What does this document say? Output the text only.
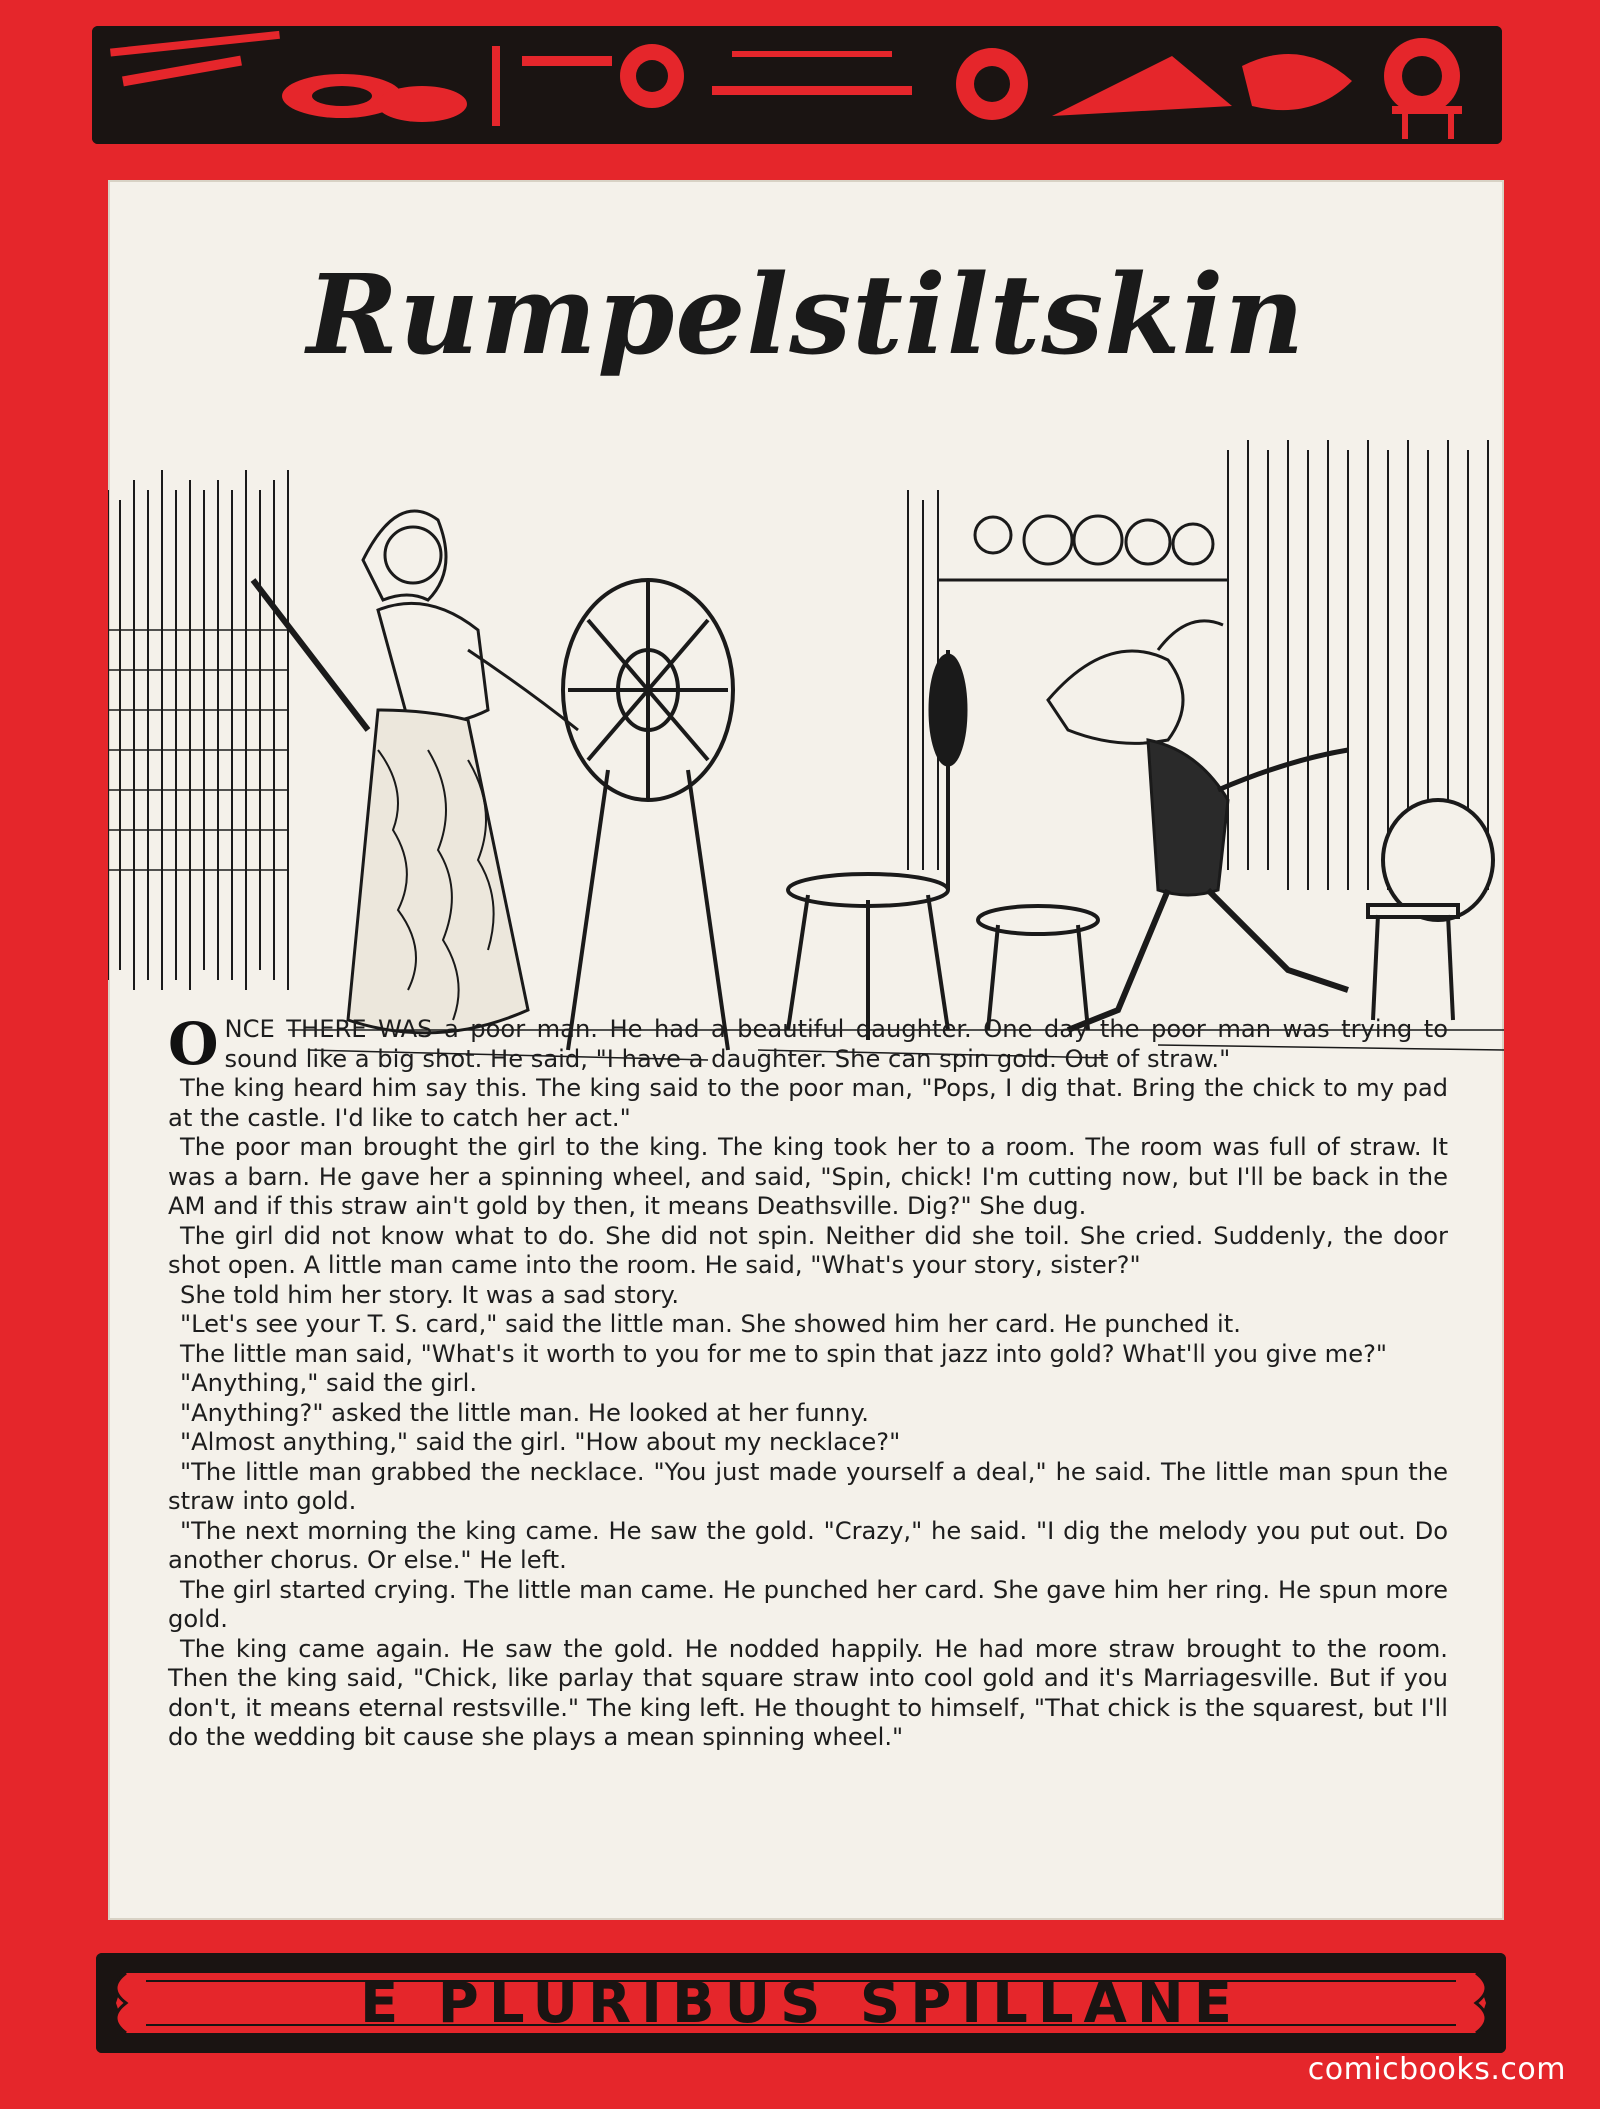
Rumpelstiltskin

ONCE THERE WAS a poor man. He had a beautiful daughter. One day the poor man was trying to sound like a big shot. He said, "I have a daughter. She can spin gold. Out of straw."

The king heard him say this. The king said to the poor man, "Pops, I dig that. Bring the chick to my pad at the castle. I'd like to catch her act."

The poor man brought the girl to the king. The king took her to a room. The room was full of straw. It was a barn. He gave her a spinning wheel, and said, "Spin, chick! I'm cutting now, but I'll be back in the AM and if this straw ain't gold by then, it means Deathsville. Dig?" She dug.

The girl did not know what to do. She did not spin. Neither did she toil. She cried. Suddenly, the door shot open. A little man came into the room. He said, "What's your story, sister?"

She told him her story. It was a sad story.

"Let's see your T. S. card," said the little man. She showed him her card. He punched it.

The little man said, "What's it worth to you for me to spin that jazz into gold? What'll you give me?"

"Anything," said the girl.

"Anything?" asked the little man. He looked at her funny.

"Almost anything," said the girl. "How about my necklace?"

"The little man grabbed the necklace. "You just made yourself a deal," he said. The little man spun the straw into gold.

"The next morning the king came. He saw the gold. "Crazy," he said. "I dig the melody you put out. Do another chorus. Or else." He left.

The girl started crying. The little man came. He punched her card. She gave him her ring. He spun more gold.

The king came again. He saw the gold. He nodded happily. He had more straw brought to the room. Then the king said, "Chick, like parlay that square straw into cool gold and it's Marriagesville. But if you don't, it means eternal restsville." The king left. He thought to himself, "That chick is the squarest, but I'll do the wedding bit cause she plays a mean spinning wheel."

E PLURIBUS SPILLANE
comicbooks.com
